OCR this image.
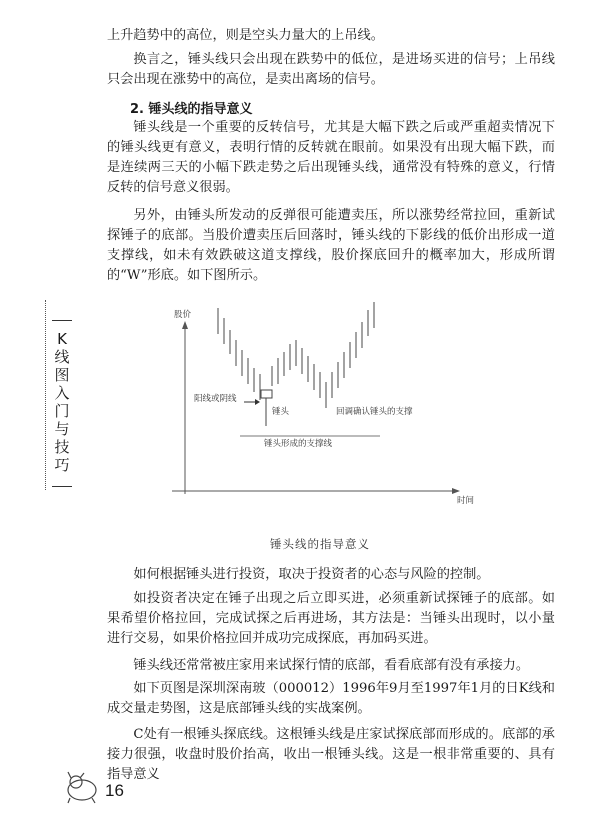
上升趋势中的高位，则是空头力量大的上吊线。

换言之，锤头线只会出现在跌势中的低位，是进场买进的信号；上吊线只会出现在涨势中的高位，是卖出离场的信号。

2. 锤头线的指导意义

锤头线是一个重要的反转信号，尤其是大幅下跌之后或严重超卖情况下的锤头线更有意义，表明行情的反转就在眼前。如果没有出现大幅下跌，而是连续两三天的小幅下跌走势之后出现锤头线，通常没有特殊的意义，行情反转的信号意义很弱。

另外，由锤头所发动的反弹很可能遭卖压，所以涨势经常拉回，重新试探锤子的底部。当股价遭卖压后回落时，锤头线的下影线的低价出形成一道支撑线，如未有效跌破这道支撑线，股价探底回升的概率加大，形成所谓的“W”形底。如下图所示。

股价
时间
阳线或阴线
锤头	回调确认锤头的支撑
锤头形成的支撑线
锤头线的指导意义

如何根据锤头进行投资，取决于投资者的心态与风险的控制。

如投资者决定在锤子出现之后立即买进，必须重新试探锤子的底部。如果希望价格拉回，完成试探之后再进场，其方法是：当锤头出现时，以小量进行交易，如果价格拉回并成功完成探底，再加码买进。

锤头线还常常被庄家用来试探行情的底部，看看底部有没有承接力。

如下页图是深圳深南玻（000012）1996年9月至1997年1月的日K线和成交量走势图，这是底部锤头线的实战案例。

C处有一根锤头探底线。这根锤头线是庄家试探底部而形成的。底部的承接力很强，收盘时股价抬高，收出一根锤头线。这是一根非常重要的、具有指导意义

K线图入门与技巧
16
